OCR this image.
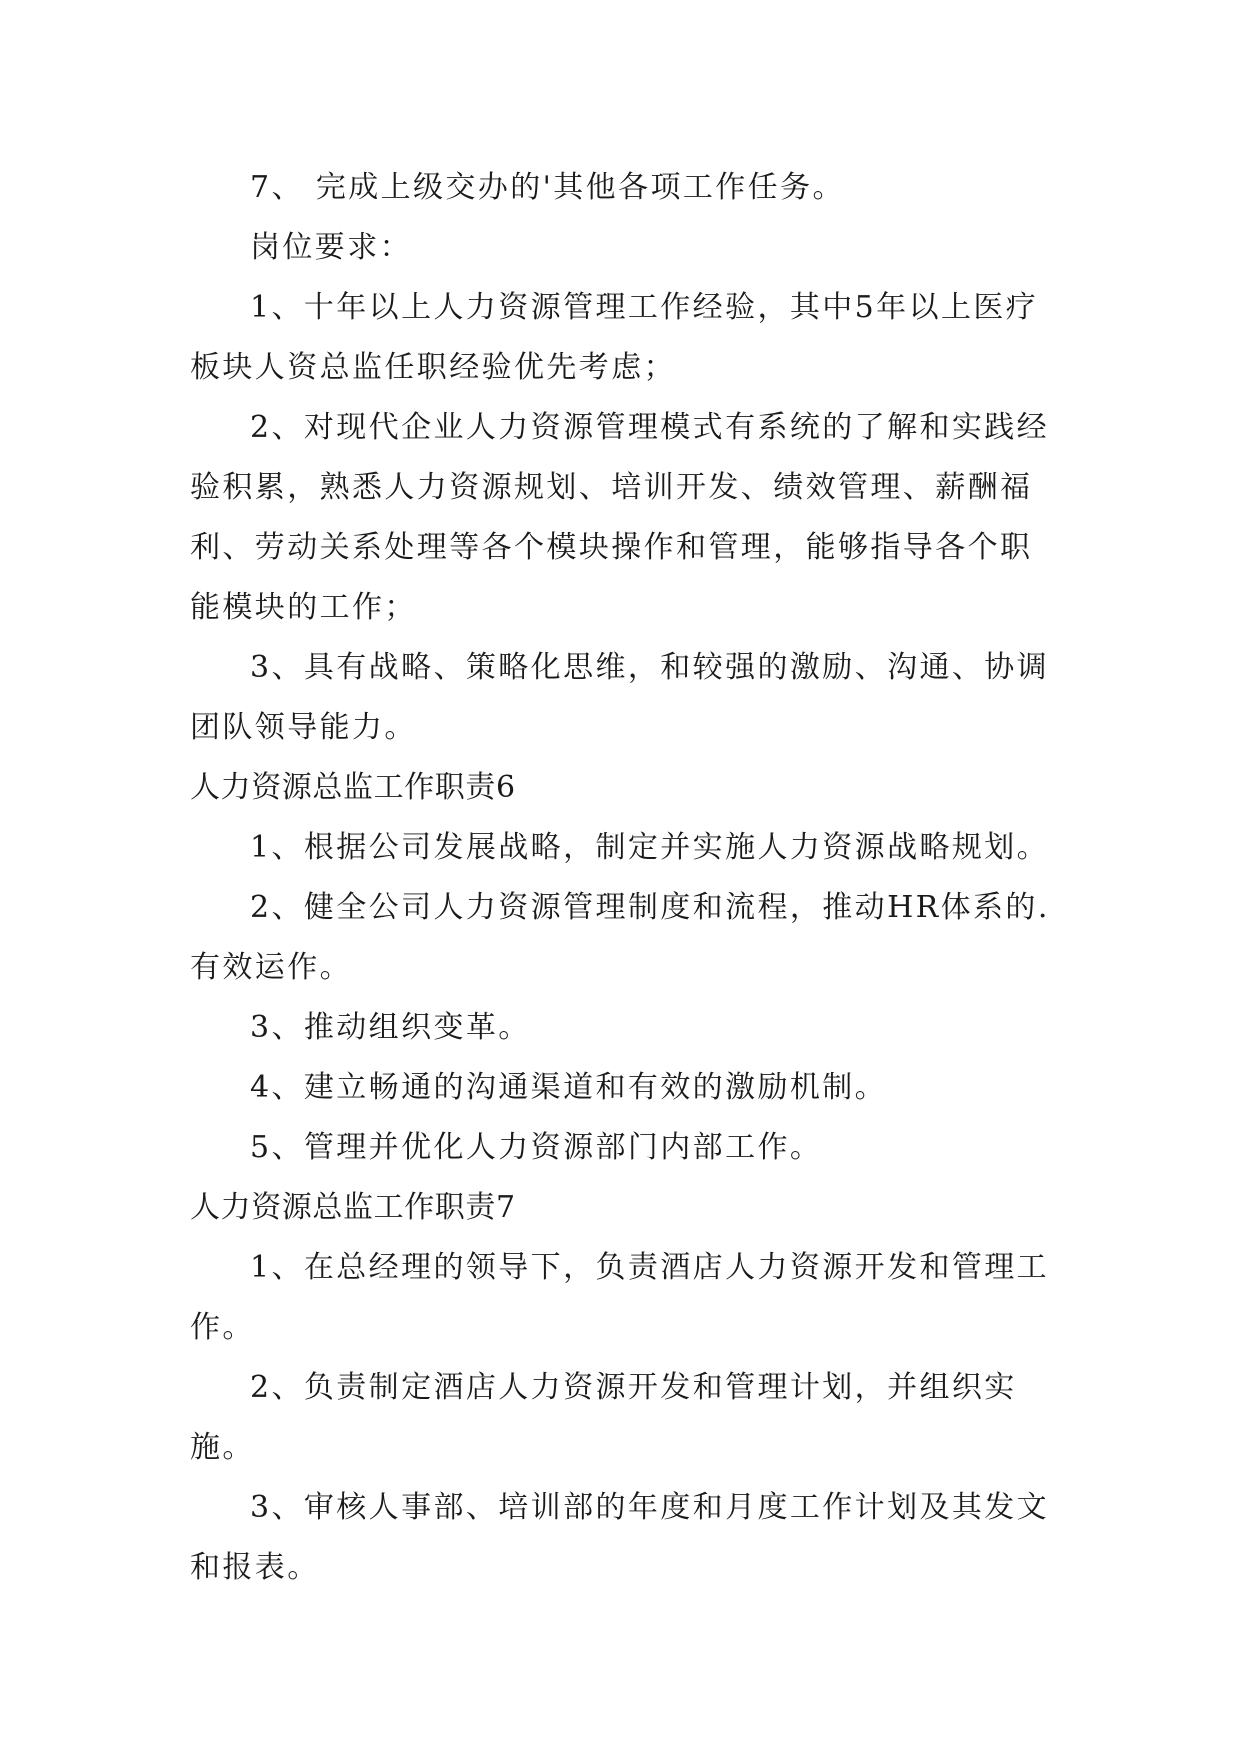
7、 完成上级交办的'其他各项工作任务。

岗位要求：

1、十年以上人力资源管理工作经验，其中5年以上医疗板块人资总监任职经验优先考虑；

2、对现代企业人力资源管理模式有系统的了解和实践经验积累，熟悉人力资源规划、培训开发、绩效管理、薪酬福利、劳动关系处理等各个模块操作和管理，能够指导各个职能模块的工作；

3、具有战略、策略化思维，和较强的激励、沟通、协调团队领导能力。

人力资源总监工作职责6

1、根据公司发展战略，制定并实施人力资源战略规划。

2、健全公司人力资源管理制度和流程，推动HR体系的.有效运作。

3、推动组织变革。

4、建立畅通的沟通渠道和有效的激励机制。

5、管理并优化人力资源部门内部工作。

人力资源总监工作职责7

1、在总经理的领导下，负责酒店人力资源开发和管理工作。

2、负责制定酒店人力资源开发和管理计划，并组织实施。

3、审核人事部、培训部的年度和月度工作计划及其发文和报表。
